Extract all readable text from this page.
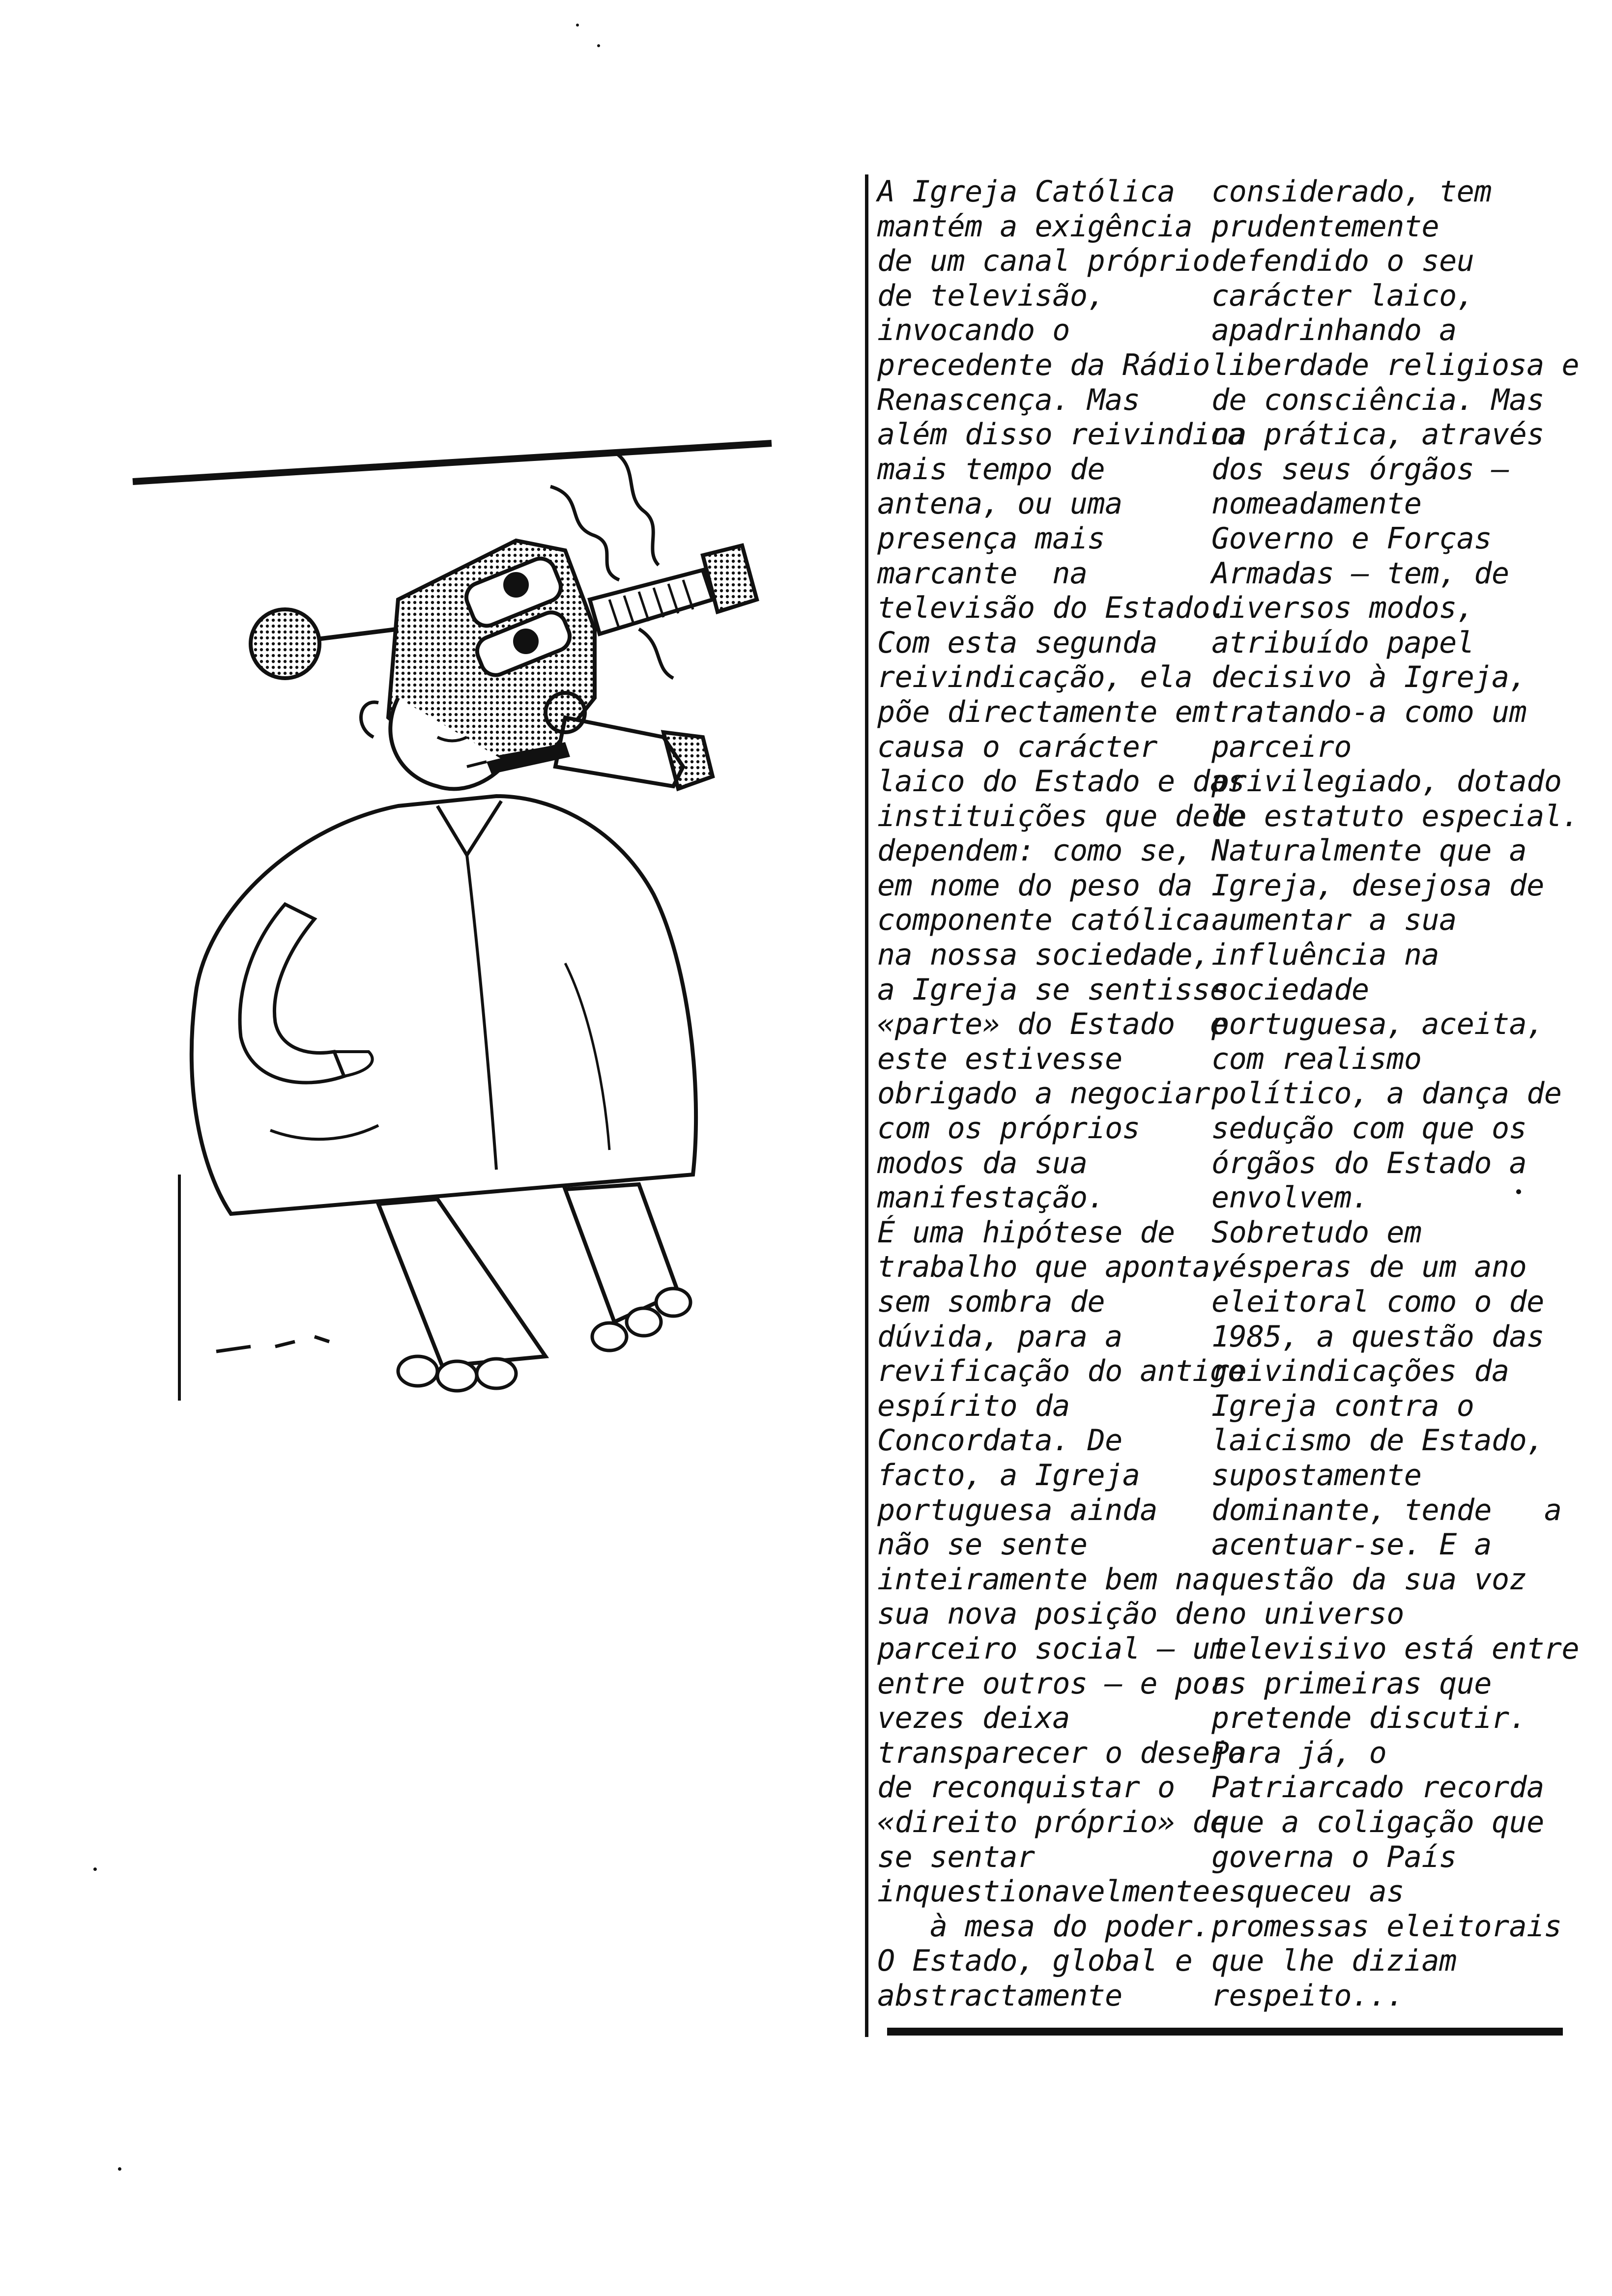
A Igreja Católica
mantém a exigência
de um canal próprio
de televisão,
invocando o
precedente da Rádio
Renascença. Mas
além disso reivindica
mais tempo de
antena, ou uma
presença mais
marcante  na
televisão do Estado.
Com esta segunda
reivindicação, ela
põe directamente em
causa o carácter
laico do Estado e das
instituições que dele
dependem: como se,
em nome do peso da
componente católica
na nossa sociedade,
a Igreja se sentisse
«parte» do Estado  e
este estivesse
obrigado a negociar
com os próprios
modos da sua
manifestação.
É uma hipótese de
trabalho que aponta,
sem sombra de
dúvida, para a
revificação do antigo
espírito da
Concordata. De
facto, a Igreja
portuguesa ainda
não se sente
inteiramente bem na
sua nova posição de
parceiro social – um
entre outros – e por
vezes deixa
transparecer o desejo
de reconquistar o
«direito próprio» de
se sentar
inquestionavelmente
à mesa do poder.
O Estado, global e
abstractamente
considerado, tem
prudentemente
defendido o seu
carácter laico,
apadrinhando a
liberdade religiosa e
de consciência. Mas
na prática, através
dos seus órgãos –
nomeadamente
Governo e Forças
Armadas – tem, de
diversos modos,
atribuído papel
decisivo à Igreja,
tratando-a como um
parceiro
privilegiado, dotado
de estatuto especial.
Naturalmente que a
Igreja, desejosa de
aumentar a sua
influência na
sociedade
portuguesa, aceita,
com realismo
político, a dança de
sedução com que os
órgãos do Estado a
envolvem.
Sobretudo em
vésperas de um ano
eleitoral como o de
1985, a questão das
reivindicações da
Igreja contra o
laicismo de Estado,
supostamente
dominante, tende   a
acentuar-se. E a
questão da sua voz
no universo
televisivo está entre
as primeiras que
pretende discutir.
Para já, o
Patriarcado recorda
que a coligação que
governa o País
esqueceu as
promessas eleitorais
que lhe diziam
respeito...
